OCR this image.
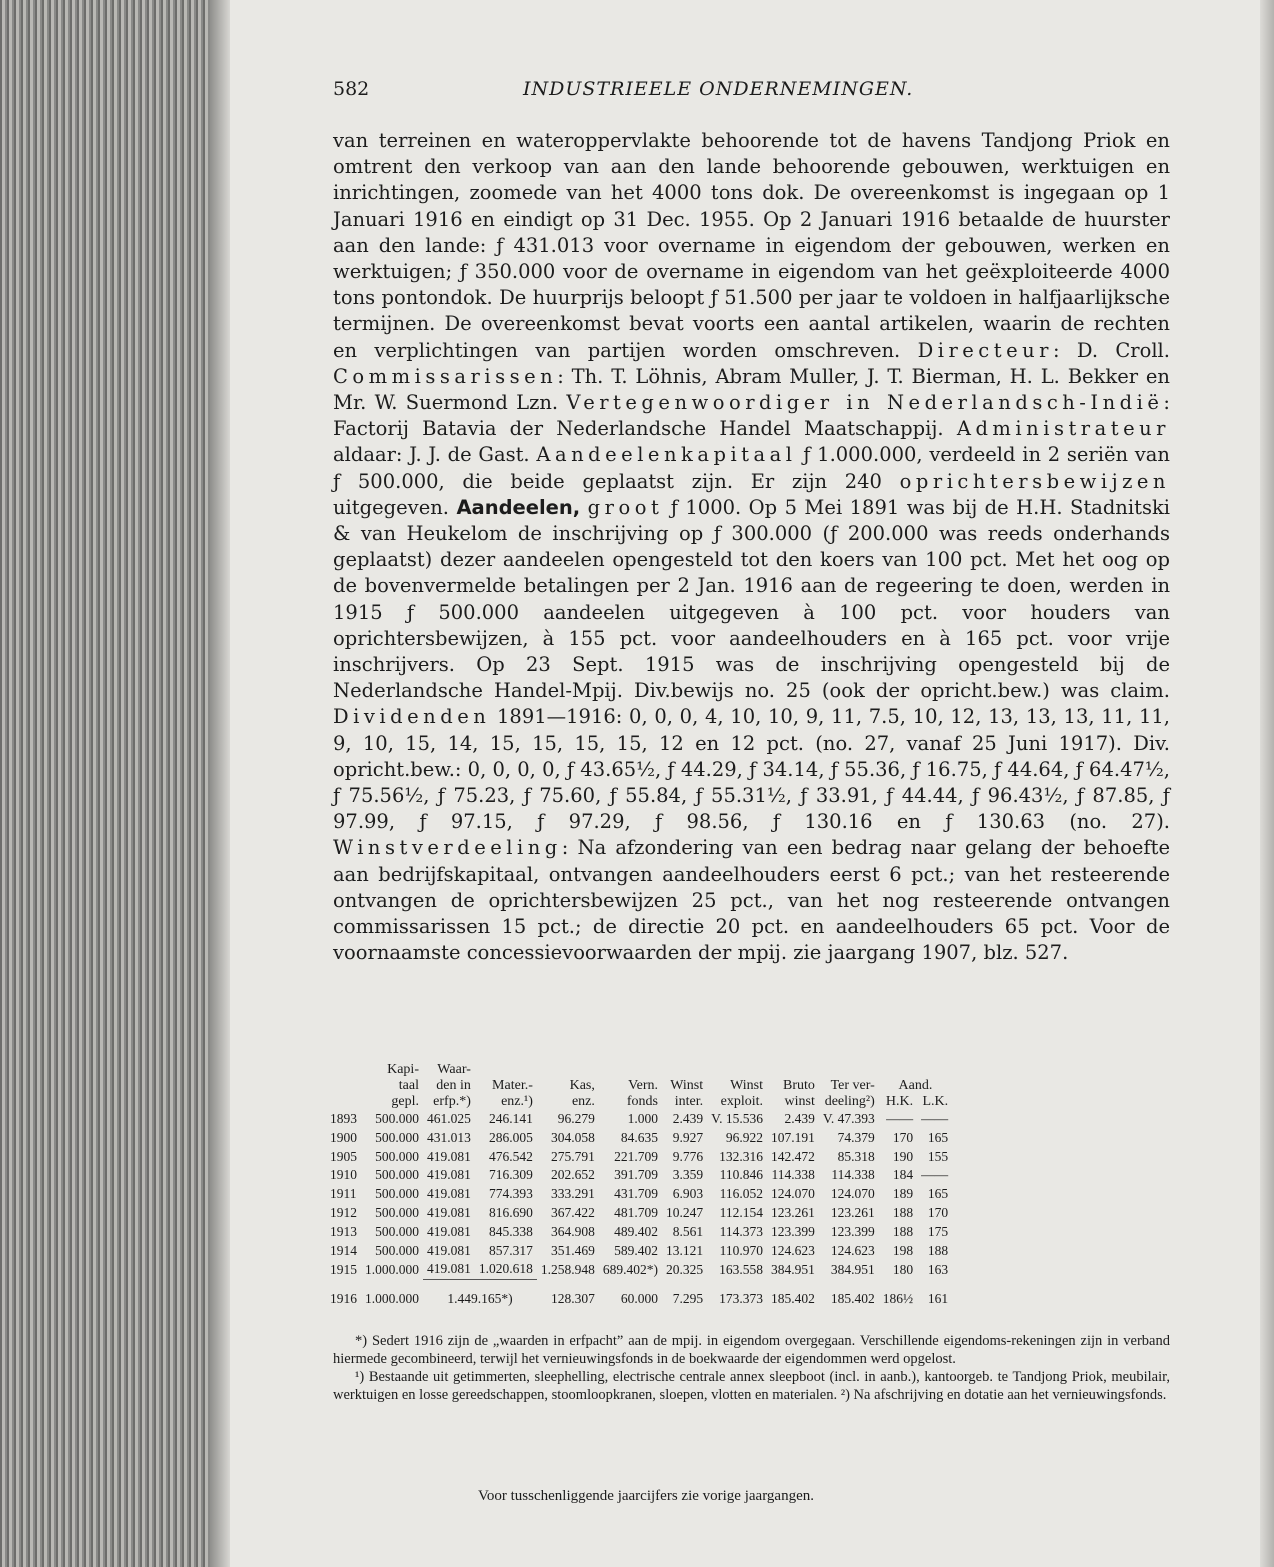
582	INDUSTRIEELE ONDERNEMINGEN.
van terreinen en wateroppervlakte behoorende tot de havens Tandjong Priok en omtrent den verkoop van aan den lande behoorende gebouwen, werktuigen en inrichtingen, zoomede van het 4000 tons dok. De overeenkomst is ingegaan op 1 Januari 1916 en eindigt op 31 Dec. 1955. Op 2 Januari 1916 betaalde de huurster aan den lande: ƒ 431.013 voor overname in eigendom der gebouwen, werken en werktuigen; ƒ 350.000 voor de overname in eigendom van het geëxploiteerde 4000 tons pontondok. De huurprijs beloopt ƒ 51.500 per jaar te voldoen in halfjaarlijksche termijnen. De overeenkomst bevat voorts een aantal artikelen, waarin de rechten en verplichtingen van partijen worden omschreven. Directeur: D. Croll. Commissarissen: Th. T. Löhnis, Abram Muller, J. T. Bierman, H. L. Bekker en Mr. W. Suermond Lzn. Vertegenwoordiger in Nederlandsch-Indië: Factorij Batavia der Nederlandsche Handel Maatschappij. Administrateur aldaar: J. J. de Gast. Aandeelenkapitaal ƒ 1.000.000, verdeeld in 2 seriën van ƒ 500.000, die beide geplaatst zijn. Er zijn 240 oprichtersbewijzen uitgegeven. Aandeelen, groot ƒ 1000. Op 5 Mei 1891 was bij de H.H. Stadnitski & van Heukelom de inschrijving op ƒ 300.000 (ƒ 200.000 was reeds onderhands geplaatst) dezer aandeelen opengesteld tot den koers van 100 pct. Met het oog op de bovenvermelde betalingen per 2 Jan. 1916 aan de regeering te doen, werden in 1915 ƒ 500.000 aandeelen uitgegeven à 100 pct. voor houders van oprichtersbewijzen, à 155 pct. voor aandeelhouders en à 165 pct. voor vrije inschrijvers. Op 23 Sept. 1915 was de inschrijving opengesteld bij de Nederlandsche Handel-Mpij. Div.bewijs no. 25 (ook der opricht.bew.) was claim. Dividenden 1891—1916: 0, 0, 0, 4, 10, 10, 9, 11, 7.5, 10, 12, 13, 13, 13, 11, 11, 9, 10, 15, 14, 15, 15, 15, 15, 12 en 12 pct. (no. 27, vanaf 25 Juni 1917). Div. opricht.bew.: 0, 0, 0, 0, ƒ 43.65½, ƒ 44.29, ƒ 34.14, ƒ 55.36, ƒ 16.75, ƒ 44.64, ƒ 64.47½, ƒ 75.56½, ƒ 75.23, ƒ 75.60, ƒ 55.84, ƒ 55.31½, ƒ 33.91, ƒ 44.44, ƒ 96.43½, ƒ 87.85, ƒ 97.99, ƒ 97.15, ƒ 97.29, ƒ 98.56, ƒ 130.16 en ƒ 130.63 (no. 27). Winstverdeeling: Na afzondering van een bedrag naar gelang der behoefte aan bedrijfskapitaal, ontvangen aandeelhouders eerst 6 pct.; van het resteerende ontvangen de oprichtersbewijzen 25 pct., van het nog resteerende ontvangen commissarissen 15 pct.; de directie 20 pct. en aandeelhouders 65 pct. Voor de voornaamste concessievoorwaarden der mpij. zie jaargang 1907, blz. 527.
	Kapi-	Waar-									
	taal	den in	Mater.-	Kas,	Vern.	Winst	Winst	Bruto	Ter ver-	Aand.	
	gepl.	erfp.*)	enz.¹)	enz.	fonds	inter.	exploit.	winst	deeling²)	H.K.	L.K.
1893	500.000	461.025	246.141	96.279	1.000	2.439	V. 15.536	2.439	V. 47.393	——	——
1900	500.000	431.013	286.005	304.058	84.635	9.927	96.922	107.191	74.379	170	165
1905	500.000	419.081	476.542	275.791	221.709	9.776	132.316	142.472	85.318	190	155
1910	500.000	419.081	716.309	202.652	391.709	3.359	110.846	114.338	114.338	184	——
1911	500.000	419.081	774.393	333.291	431.709	6.903	116.052	124.070	124.070	189	165
1912	500.000	419.081	816.690	367.422	481.709	10.247	112.154	123.261	123.261	188	170
1913	500.000	419.081	845.338	364.908	489.402	8.561	114.373	123.399	123.399	188	175
1914	500.000	419.081	857.317	351.469	589.402	13.121	110.970	124.623	124.623	198	188
1915	1.000.000	419.081	1.020.618	1.258.948	689.402*)	20.325	163.558	384.951	384.951	180	163
1916	1.000.000	1.449.165*)		128.307	60.000	7.295	173.373	185.402	185.402	186½	161

*) Sedert 1916 zijn de „waarden in erfpacht” aan de mpij. in eigendom overgegaan. Verschillende eigendoms-rekeningen zijn in verband hiermede gecombineerd, terwijl het vernieuwingsfonds in de boekwaarde der eigendommen werd opgelost.

¹) Bestaande uit getimmerten, sleephelling, electrische centrale annex sleepboot (incl. in aanb.), kantoorgeb. te Tandjong Priok, meubilair, werktuigen en losse gereedschappen, stoomloopkranen, sloepen, vlotten en materialen. ²) Na afschrijving en dotatie aan het vernieuwingsfonds.

Voor tusschenliggende jaarcijfers zie vorige jaargangen.
